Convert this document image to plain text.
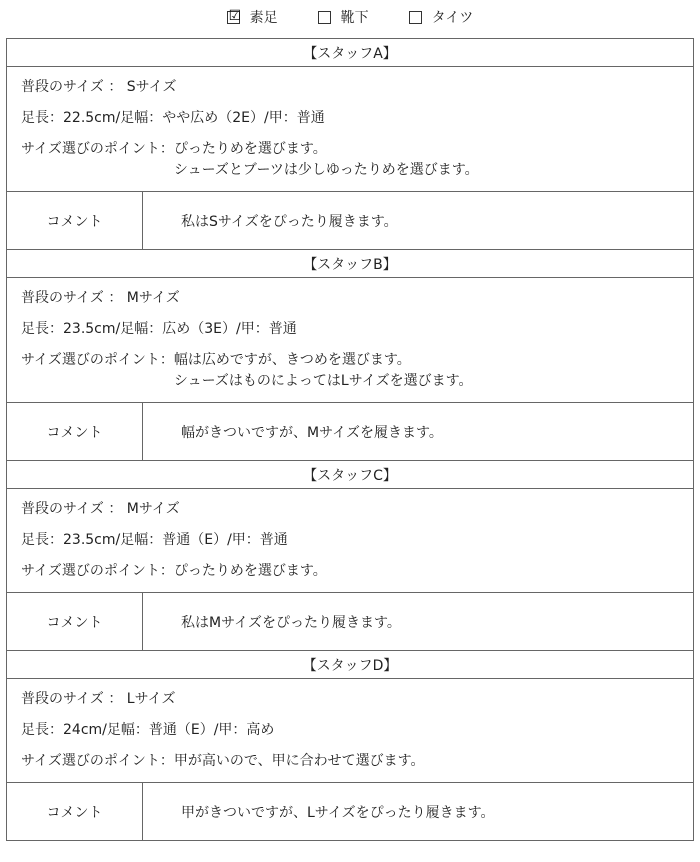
☑ 素足	靴下	タイツ
【スタッフA】
普段のサイズ ： Sサイズ
足長：22.5cm/足幅：やや広め（2E）/甲：普通
サイズ選びのポイント： ぴったりめを選びます。
シューズとブーツは少しゆったりめを選びます。
コメント	私はSサイズをぴったり履きます。
【スタッフB】
普段のサイズ ： Mサイズ
足長：23.5cm/足幅：広め（3E）/甲：普通
サイズ選びのポイント： 幅は広めですが、きつめを選びます。
シューズはものによってはLサイズを選びます。
コメント	幅がきついですが、Mサイズを履きます。
【スタッフC】
普段のサイズ ： Mサイズ
足長：23.5cm/足幅：普通（E）/甲：普通
サイズ選びのポイント： ぴったりめを選びます。
コメント	私はMサイズをぴったり履きます。
【スタッフD】
普段のサイズ ： Lサイズ
足長：24cm/足幅：普通（E）/甲：高め
サイズ選びのポイント： 甲が高いので、甲に合わせて選びます。
コメント	甲がきついですが、Lサイズをぴったり履きます。
